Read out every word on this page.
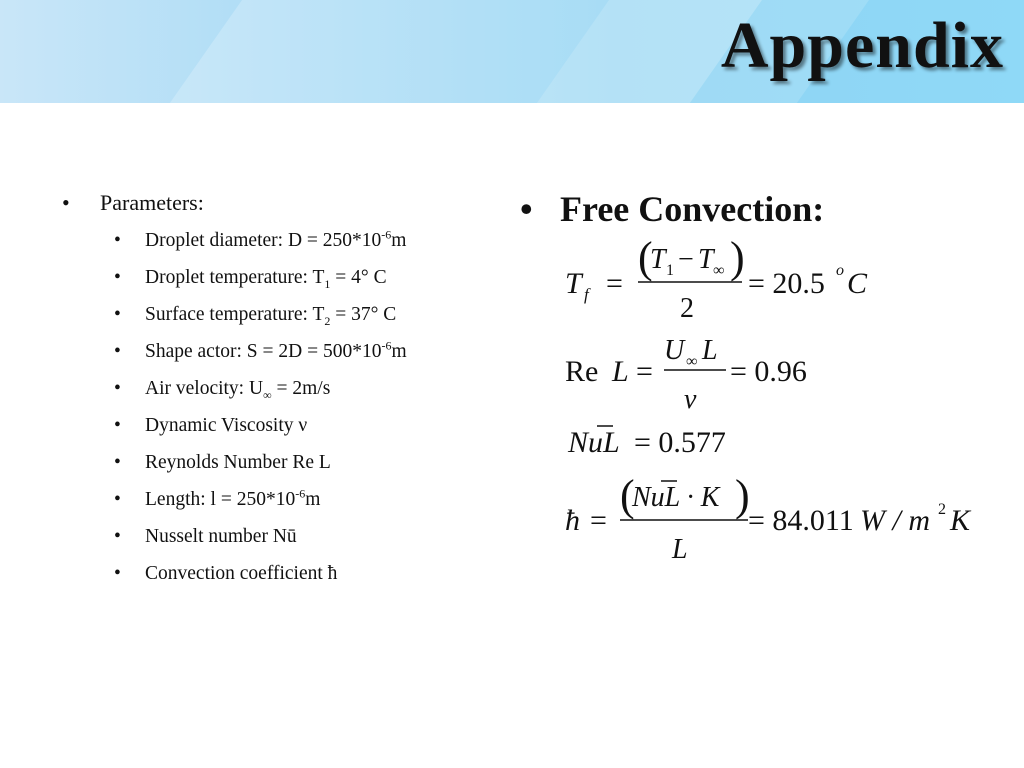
Appendix
•	Parameters:
•	Droplet diameter: $D = 250*10^{-6}m$
•	Droplet temperature: $T_1 = 4^\circ$ C
•	Surface temperature: $T_2 = 37^\circ$ C
•	Shape actor: $S = 2D = 500*10^{-6}m$
•	Air velocity: $U_\infty = 2m/s$
•	Dynamic Viscosity ν
•	Reynolds Number Re L
•	Length: $l = 250*10^{-6}m$
•	Nusselt number Nū
•	Convection coefficient ħ
• Free Convection:
T f =
(
T 1 − T ∞ )
2
= 20.5 o C
Re L =
U ∞ L
ν
= 0.96
NuL = 0.577
ħ =
(
NuL · K )
L
= 84.011 W / m 2 K
